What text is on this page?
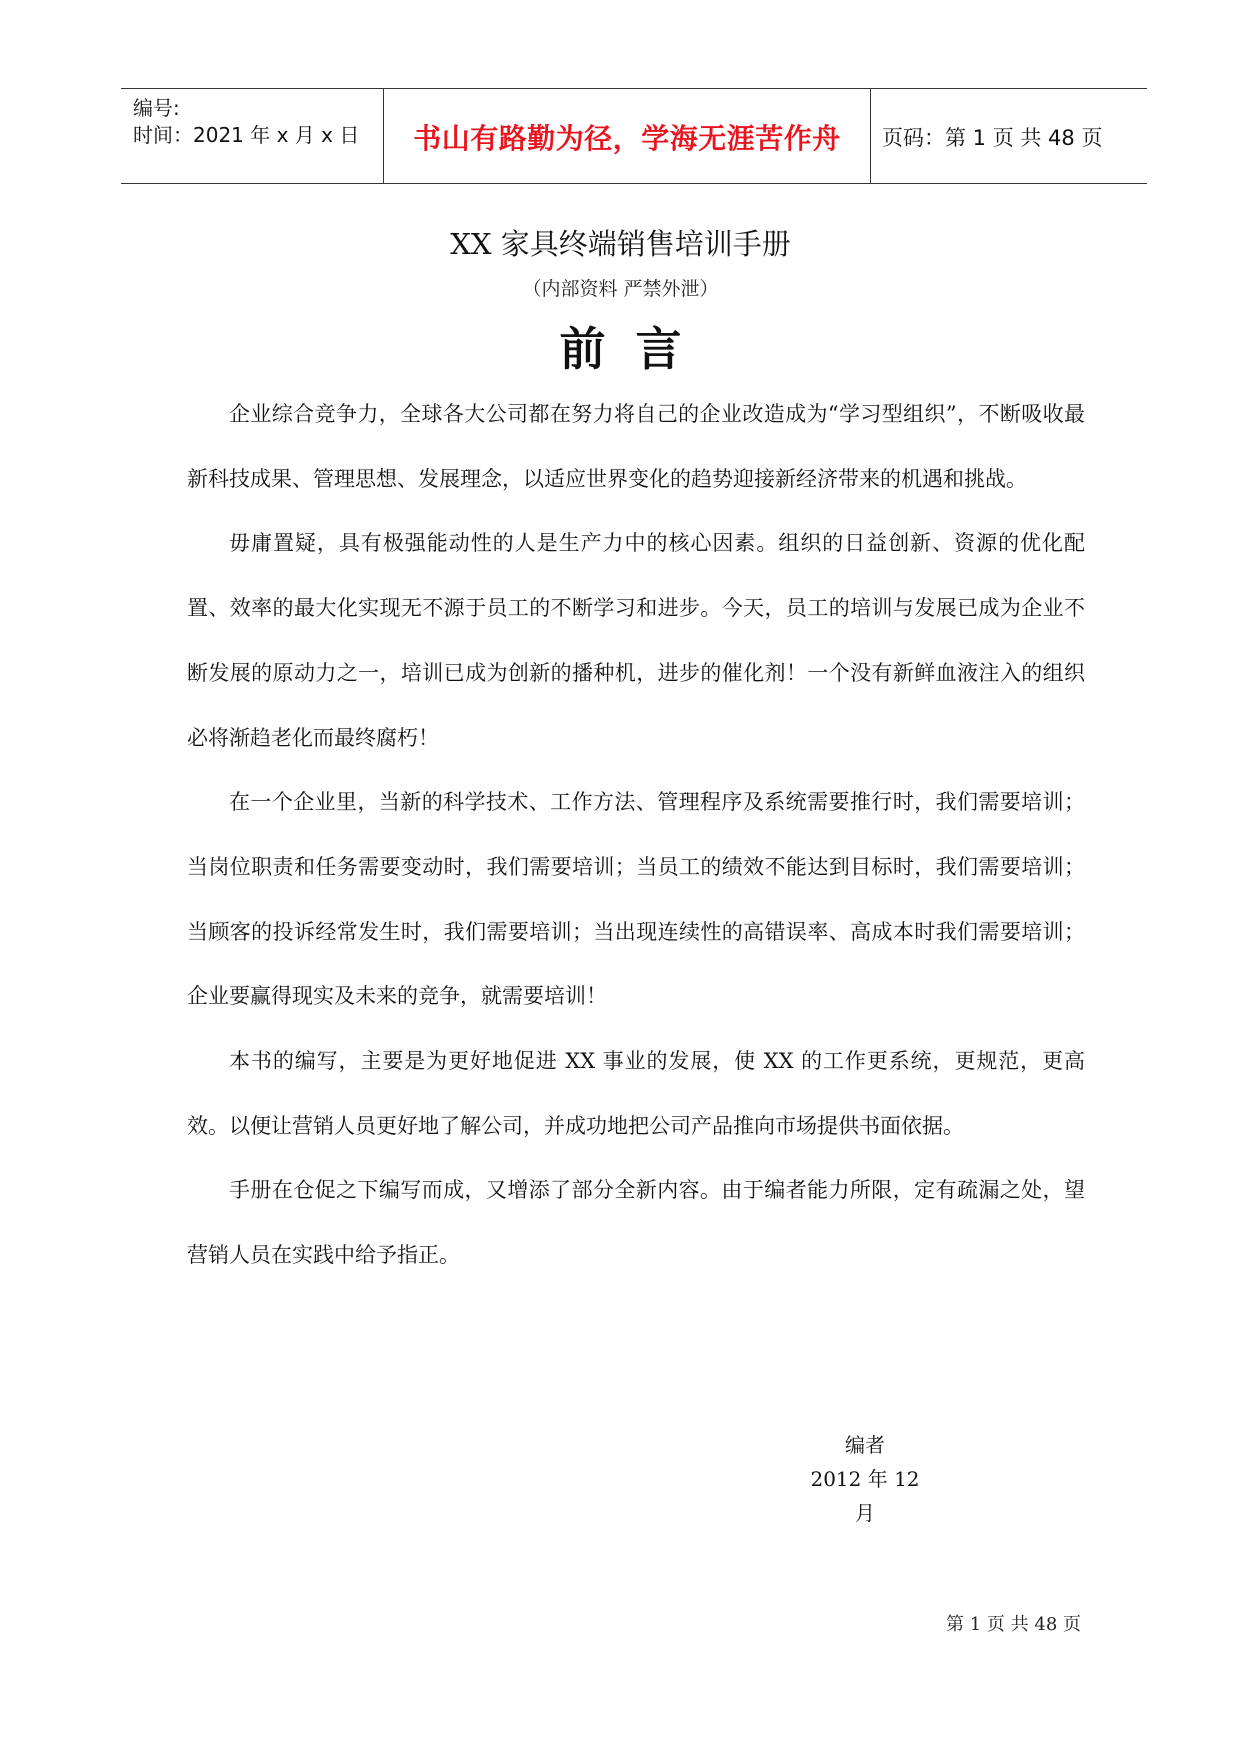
编号:
时间：2021 年 x 月 x 日	书山有路勤为径，学海无涯苦作舟	页码：第 1 页 共 48 页
XX 家具终端销售培训手册
（内部资料 严禁外泄）
前言

企业综合竞争力，全球各大公司都在努力将自己的企业改造成为“学习型组织”，不断吸收最新科技成果、管理思想、发展理念，以适应世界变化的趋势迎接新经济带来的机遇和挑战。

毋庸置疑，具有极强能动性的人是生产力中的核心因素。组织的日益创新、资源的优化配置、效率的最大化实现无不源于员工的不断学习和进步。今天，员工的培训与发展已成为企业不断发展的原动力之一，培训已成为创新的播种机，进步的催化剂！一个没有新鲜血液注入的组织必将渐趋老化而最终腐朽！

在一个企业里，当新的科学技术、工作方法、管理程序及系统需要推行时，我们需要培训；当岗位职责和任务需要变动时，我们需要培训；当员工的绩效不能达到目标时，我们需要培训；当顾客的投诉经常发生时，我们需要培训；当出现连续性的高错误率、高成本时我们需要培训；企业要赢得现实及未来的竞争，就需要培训！

本书的编写，主要是为更好地促进 XX 事业的发展，使 XX 的工作更系统，更规范，更高效。以便让营销人员更好地了解公司，并成功地把公司产品推向市场提供书面依据。

手册在仓促之下编写而成，又增添了部分全新内容。由于编者能力所限，定有疏漏之处，望营销人员在实践中给予指正。

编者
2012 年 12 月
第 1 页 共 48 页
